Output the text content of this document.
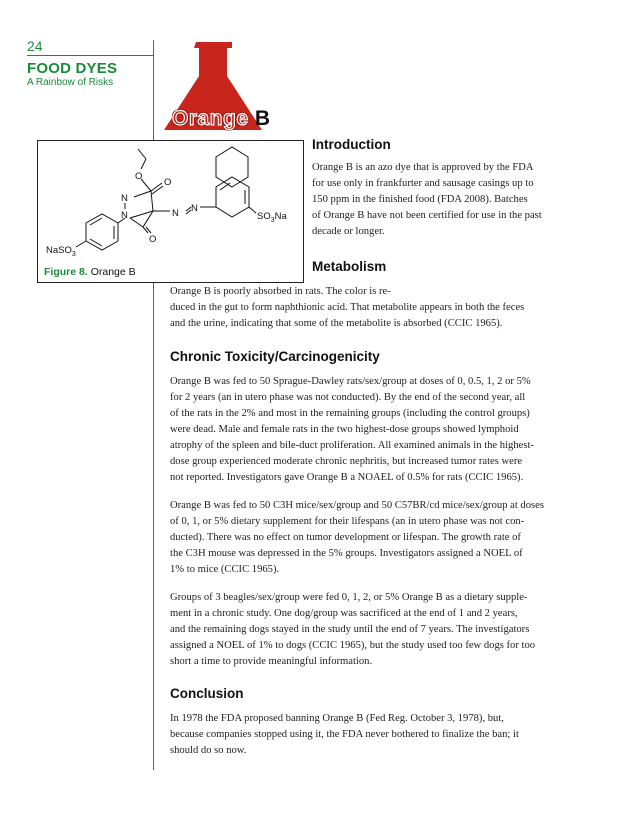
24
FOOD DYES
A Rainbow of Risks
Orange B
O
O
O
N
N	N N
$SO_3Na$
NaSO$_3$
Figure 8. Orange B
Introduction

Orange B is an azo dye that is approved by the FDA
for use only in frankfurter and sausage casings up to
150 ppm in the finished food (FDA 2008). Batches
of Orange B have not been certified for use in the past
decade or longer.

Metabolism

Orange B is poorly absorbed in rats. The color is re-
duced in the gut to form naphthionic acid. That metabolite appears in both the feces
and the urine, indicating that some of the metabolite is absorbed (CCIC 1965).

Chronic Toxicity/Carcinogenicity

Orange B was fed to 50 Sprague-Dawley rats/sex/group at doses of 0, 0.5, 1, 2 or 5%
for 2 years (an in utero phase was not conducted). By the end of the second year, all
of the rats in the 2% and most in the remaining groups (including the control groups)
were dead. Male and female rats in the two highest-dose groups showed lymphoid
atrophy of the spleen and bile-duct proliferation. All examined animals in the highest-
dose group experienced moderate chronic nephritis, but increased tumor rates were
not reported. Investigators gave Orange B a NOAEL of 0.5% for rats (CCIC 1965).

Orange B was fed to 50 C3H mice/sex/group and 50 C57BR/cd mice/sex/group at doses
of 0, 1, or 5% dietary supplement for their lifespans (an in utero phase was not con-
ducted). There was no effect on tumor development or lifespan. The growth rate of
the C3H mouse was depressed in the 5% groups. Investigators assigned a NOEL of
1% to mice (CCIC 1965).

Groups of 3 beagles/sex/group were fed 0, 1, 2, or 5% Orange B as a dietary supple-
ment in a chronic study. One dog/group was sacrificed at the end of 1 and 2 years,
and the remaining dogs stayed in the study until the end of 7 years. The investigators
assigned a NOEL of 1% to dogs (CCIC 1965), but the study used too few dogs for too
short a time to provide meaningful information.

Conclusion

In 1978 the FDA proposed banning Orange B (Fed Reg. October 3, 1978), but,
because companies stopped using it, the FDA never bothered to finalize the ban; it
should do so now.
